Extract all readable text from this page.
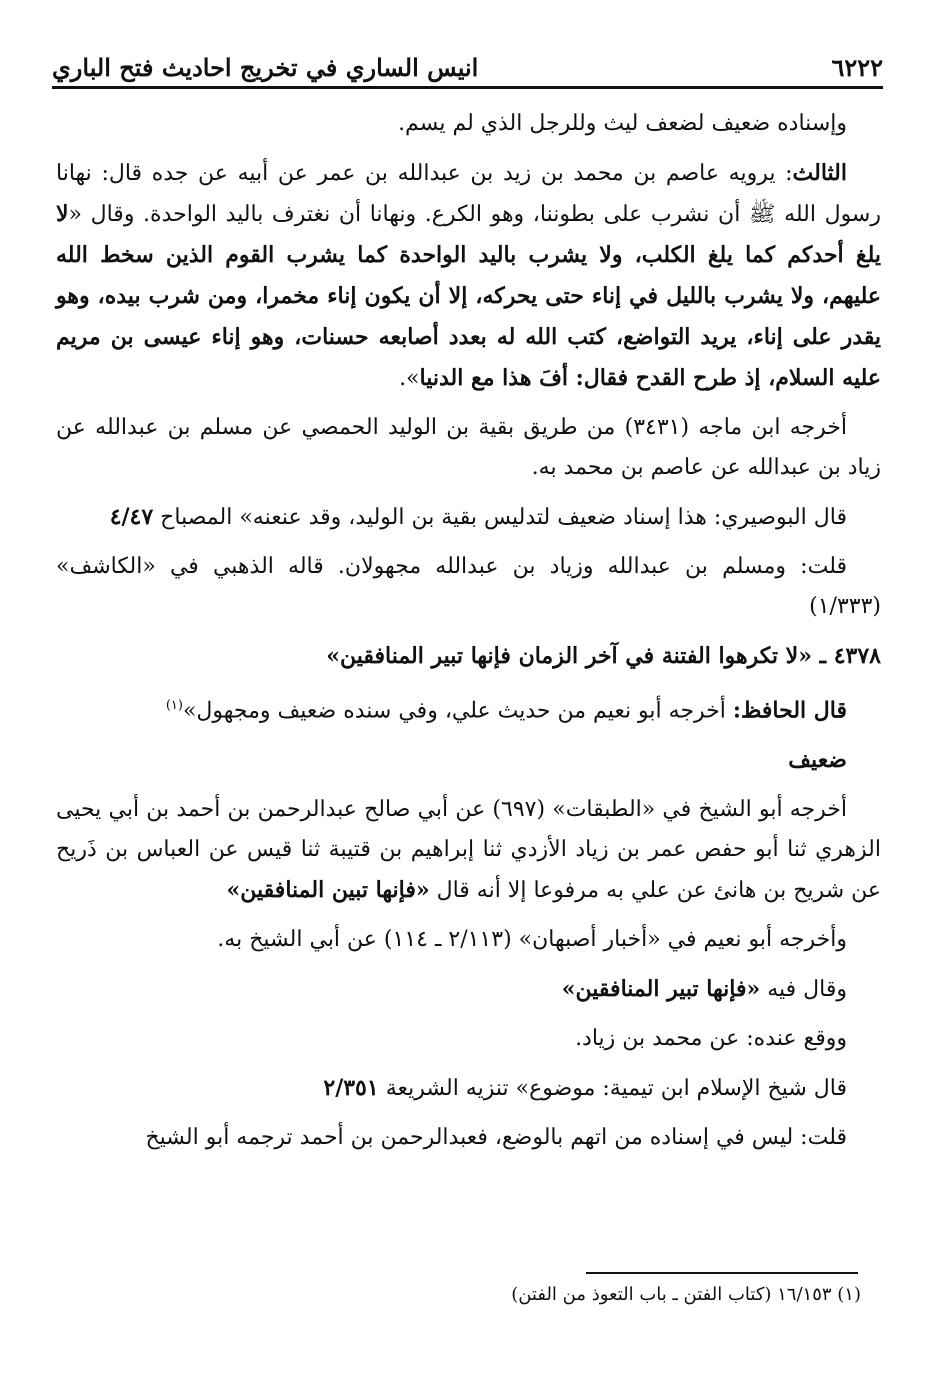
٦٢٢٢
انيس الساري في تخريج احاديث فتح الباري

وإسناده ضعيف لضعف ليث وللرجل الذي لم يسم.

الثالث: يرويه عاصم بن محمد بن زيد بن عبدالله بن عمر عن أبيه عن جده قال: نهانا رسول الله ﷺ أن نشرب على بطوننا، وهو الكرع. ونهانا أن نغترف باليد الواحدة. وقال «لا يلغ أحدكم كما يلغ الكلب، ولا يشرب باليد الواحدة كما يشرب القوم الذين سخط الله عليهم، ولا يشرب بالليل في إناء حتى يحركه، إلا أن يكون إناء مخمرا، ومن شرب بيده، وهو يقدر على إناء، يريد التواضع، كتب الله له بعدد أصابعه حسنات، وهو إناء عيسى بن مريم عليه السلام، إذ طرح القدح فقال: أفَ هذا مع الدنيا».

أخرجه ابن ماجه (٣٤٣١) من طريق بقية بن الوليد الحمصي عن مسلم بن عبدالله عن زياد بن عبدالله عن عاصم بن محمد به.

قال البوصيري: هذا إسناد ضعيف لتدليس بقية بن الوليد، وقد عنعنه» المصباح ٤/٤٧

قلت: ومسلم بن عبدالله وزياد بن عبدالله مجهولان. قاله الذهبي في «الكاشف» (١/٣٣٣)

٤٣٧٨ ـ «لا تكرهوا الفتنة في آخر الزمان فإنها تبير المنافقين»

قال الحافظ: أخرجه أبو نعيم من حديث علي، وفي سنده ضعيف ومجهول»$^{(١)}$

ضعيف

أخرجه أبو الشيخ في «الطبقات» (٦٩٧) عن أبي صالح عبدالرحمن بن أحمد بن أبي يحيى الزهري ثنا أبو حفص عمر بن زياد الأزدي ثنا إبراهيم بن قتيبة ثنا قيس عن العباس بن ذَريح عن شريح بن هانئ عن علي به مرفوعا إلا أنه قال «فإنها تبين المنافقين»

وأخرجه أبو نعيم في «أخبار أصبهان» (٢/١١٣ ـ ١١٤) عن أبي الشيخ به.

وقال فيه «فإنها تبير المنافقين»

ووقع عنده: عن محمد بن زياد.

قال شيخ الإسلام ابن تيمية: موضوع» تنزيه الشريعة ٢/٣٥١

قلت: ليس في إسناده من اتهم بالوضع، فعبدالرحمن بن أحمد ترجمه أبو الشيخ

(١) ١٦/١٥٣ (كتاب الفتن ـ باب التعوذ من الفتن)
